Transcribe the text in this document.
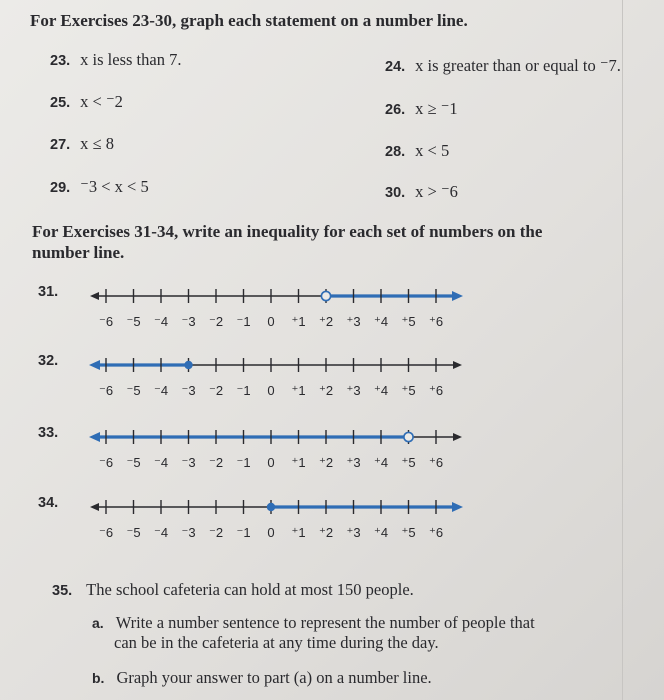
For Exercises 23-30, graph each statement on a number line.
23. x is less than 7.	24. x is greater than or equal to ⁻7.
25. x < ⁻2	26. x ≥ ⁻1
27. x ≤ 8	28. x < 5
29. ⁻3 < x < 5	30. x > ⁻6
For Exercises 31-34, write an inequality for each set of numbers on the
number line.
31.
⁻6 ⁻5 ⁻4 ⁻3 ⁻2 ⁻1 0 ⁺1 ⁺2 ⁺3 ⁺4 ⁺5 ⁺6
32.
⁻6 ⁻5 ⁻4 ⁻3 ⁻2 ⁻1 0 ⁺1 ⁺2 ⁺3 ⁺4 ⁺5 ⁺6
33.
⁻6 ⁻5 ⁻4 ⁻3 ⁻2 ⁻1 0 ⁺1 ⁺2 ⁺3 ⁺4 ⁺5 ⁺6
34.
⁻6 ⁻5 ⁻4 ⁻3 ⁻2 ⁻1 0 ⁺1 ⁺2 ⁺3 ⁺4 ⁺5 ⁺6
35. The school cafeteria can hold at most 150 people.
a. Write a number sentence to represent the number of people that
can be in the cafeteria at any time during the day.
b. Graph your answer to part (a) on a number line.
